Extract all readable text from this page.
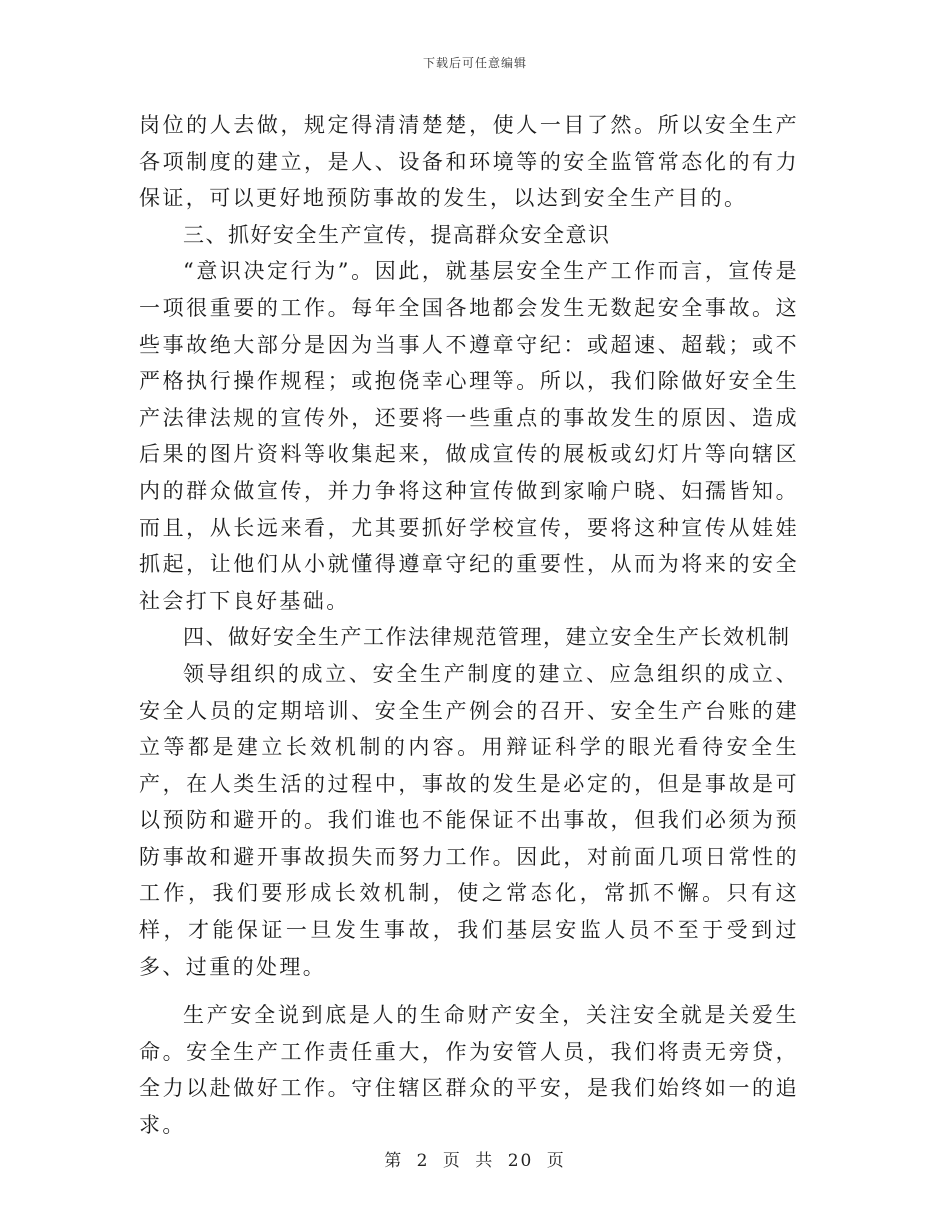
下载后可任意编辑

岗位的人去做，规定得清清楚楚，使人一目了然。所以安全生产各项制度的建立，是人、设备和环境等的安全监管常态化的有力保证，可以更好地预防事故的发生，以达到安全生产目的。

三、抓好安全生产宣传，提高群众安全意识

“意识决定行为”。因此，就基层安全生产工作而言，宣传是一项很重要的工作。每年全国各地都会发生无数起安全事故。这些事故绝大部分是因为当事人不遵章守纪：或超速、超载；或不严格执行操作规程；或抱侥幸心理等。所以，我们除做好安全生产法律法规的宣传外，还要将一些重点的事故发生的原因、造成后果的图片资料等收集起来，做成宣传的展板或幻灯片等向辖区内的群众做宣传，并力争将这种宣传做到家喻户晓、妇孺皆知。而且，从长远来看，尤其要抓好学校宣传，要将这种宣传从娃娃抓起，让他们从小就懂得遵章守纪的重要性，从而为将来的安全社会打下良好基础。

四、做好安全生产工作法律规范管理，建立安全生产长效机制

领导组织的成立、安全生产制度的建立、应急组织的成立、安全人员的定期培训、安全生产例会的召开、安全生产台账的建立等都是建立长效机制的内容。用辩证科学的眼光看待安全生产，在人类生活的过程中，事故的发生是必定的，但是事故是可以预防和避开的。我们谁也不能保证不出事故，但我们必须为预防事故和避开事故损失而努力工作。因此，对前面几项日常性的工作，我们要形成长效机制，使之常态化，常抓不懈。只有这样，才能保证一旦发生事故，我们基层安监人员不至于受到过多、过重的处理。

生产安全说到底是人的生命财产安全，关注安全就是关爱生命。安全生产工作责任重大，作为安管人员，我们将责无旁贷，全力以赴做好工作。守住辖区群众的平安，是我们始终如一的追求。

第 2 页 共 20 页
